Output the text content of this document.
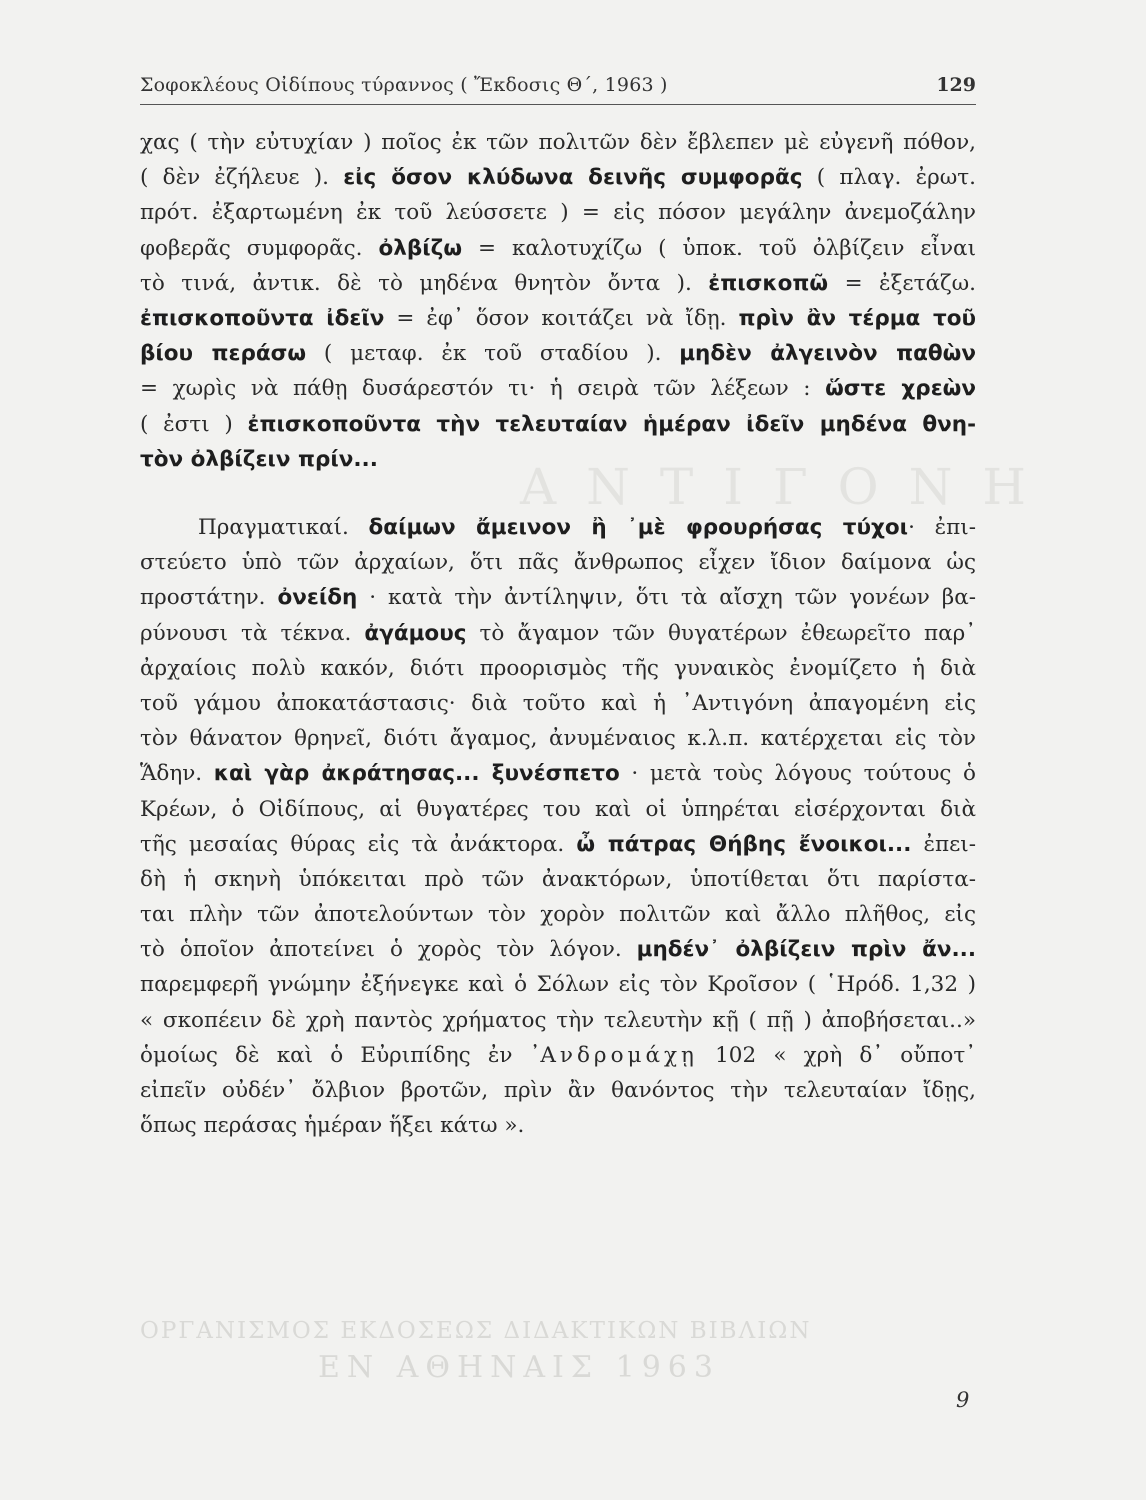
Σοφοκλέους Οἰδίπους τύραννος ( Ἔκδοσις Θ΄, 1963 )	129
ΑΝΤΙΓΟΝΗ
χας ( τὴν εὐτυχίαν ) ποῖος ἐκ τῶν πολιτῶν δὲν ἔβλεπεν μὲ εὐγενῆ πόθον,
( δὲν ἐζήλευε ). εἰς ὅσον κλύδωνα δεινῆς συμφορᾶς ( πλαγ. ἐρωτ.
πρότ. ἐξαρτωμένη ἐκ τοῦ λεύσσετε ) = εἰς πόσον μεγάλην ἀνεμοζάλην
φοβερᾶς συμφορᾶς. ὀλβίζω = καλοτυχίζω ( ὑποκ. τοῦ ὀλβίζειν εἶναι
τὸ τινά, ἀντικ. δὲ τὸ μηδένα θνητὸν ὄντα ). ἐπισκοπῶ = ἐξετάζω.
ἐπισκοποῦντα ἰδεῖν = ἐφ᾽ ὅσον κοιτάζει νὰ ἴδῃ. πρὶν ἂν τέρμα τοῦ
βίου περάσω ( μεταφ. ἐκ τοῦ σταδίου ). μηδὲν ἀλγεινὸν παθὼν
= χωρὶς νὰ πάθῃ δυσάρεστόν τι· ἡ σειρὰ τῶν λέξεων : ὥστε χρεὼν
( ἐστι ) ἐπισκοποῦντα τὴν τελευταίαν ἡμέραν ἰδεῖν μηδένα θνη-
τὸν ὀλβίζειν πρίν...
Πραγματικαί. δαίμων ἄμεινον ἢ ᾽μὲ φρουρήσας τύχοι· ἐπι-
στεύετο ὑπὸ τῶν ἀρχαίων, ὅτι πᾶς ἄνθρωπος εἶχεν ἴδιον δαίμονα ὡς
προστάτην. ὀνείδη · κατὰ τὴν ἀντίληψιν, ὅτι τὰ αἴσχη τῶν γονέων βα-
ρύνουσι τὰ τέκνα. ἀγάμους τὸ ἄγαμον τῶν θυγατέρων ἐθεωρεῖτο παρ᾽
ἀρχαίοις πολὺ κακόν, διότι προορισμὸς τῆς γυναικὸς ἐνομίζετο ἡ διὰ
τοῦ γάμου ἀποκατάστασις· διὰ τοῦτο καὶ ἡ ᾽Αντιγόνη ἀπαγομένη εἰς
τὸν θάνατον θρηνεῖ, διότι ἄγαμος, ἀνυμέναιος κ.λ.π. κατέρχεται εἰς τὸν
Ἅδην. καὶ γὰρ ἀκράτησας... ξυνέσπετο · μετὰ τοὺς λόγους τούτους ὁ
Κρέων, ὁ Οἰδίπους, αἱ θυγατέρες του καὶ οἱ ὑπηρέται εἰσέρχονται διὰ
τῆς μεσαίας θύρας εἰς τὰ ἀνάκτορα. ὦ πάτρας Θήβης ἔνοικοι... ἐπει-
δὴ ἡ σκηνὴ ὑπόκειται πρὸ τῶν ἀνακτόρων, ὑποτίθεται ὅτι παρίστα-
ται πλὴν τῶν ἀποτελούντων τὸν χορὸν πολιτῶν καὶ ἄλλο πλῆθος, εἰς
τὸ ὁποῖον ἀποτείνει ὁ χορὸς τὸν λόγον. μηδέν᾽ ὀλβίζειν πρὶν ἄν...
παρεμφερῆ γνώμην ἐξήνεγκε καὶ ὁ Σόλων εἰς τὸν Κροῖσον ( ῾Ηρόδ. 1,32 )
« σκοπέειν δὲ χρὴ παντὸς χρήματος τὴν τελευτὴν κῇ ( πῇ ) ἀποβήσεται..»
ὁμοίως δὲ καὶ ὁ Εὐριπίδης ἐν ᾽Ανδρομάχῃ 102 « χρὴ δ᾽ οὔποτ᾽
εἰπεῖν οὐδέν᾽ ὄλβιον βροτῶν, πρὶν ἂν θανόντος τὴν τελευταίαν ἴδῃς,
ὅπως περάσας ἡμέραν ἥξει κάτω ».
ΟΡΓΑΝΙΣΜΟΣ ΕΚΔΟΣΕΩΣ ΔΙΔΑΚΤΙΚΩΝ ΒΙΒΛΙΩΝ
ΕΝ ΑΘΗΝΑΙΣ 1963
9
